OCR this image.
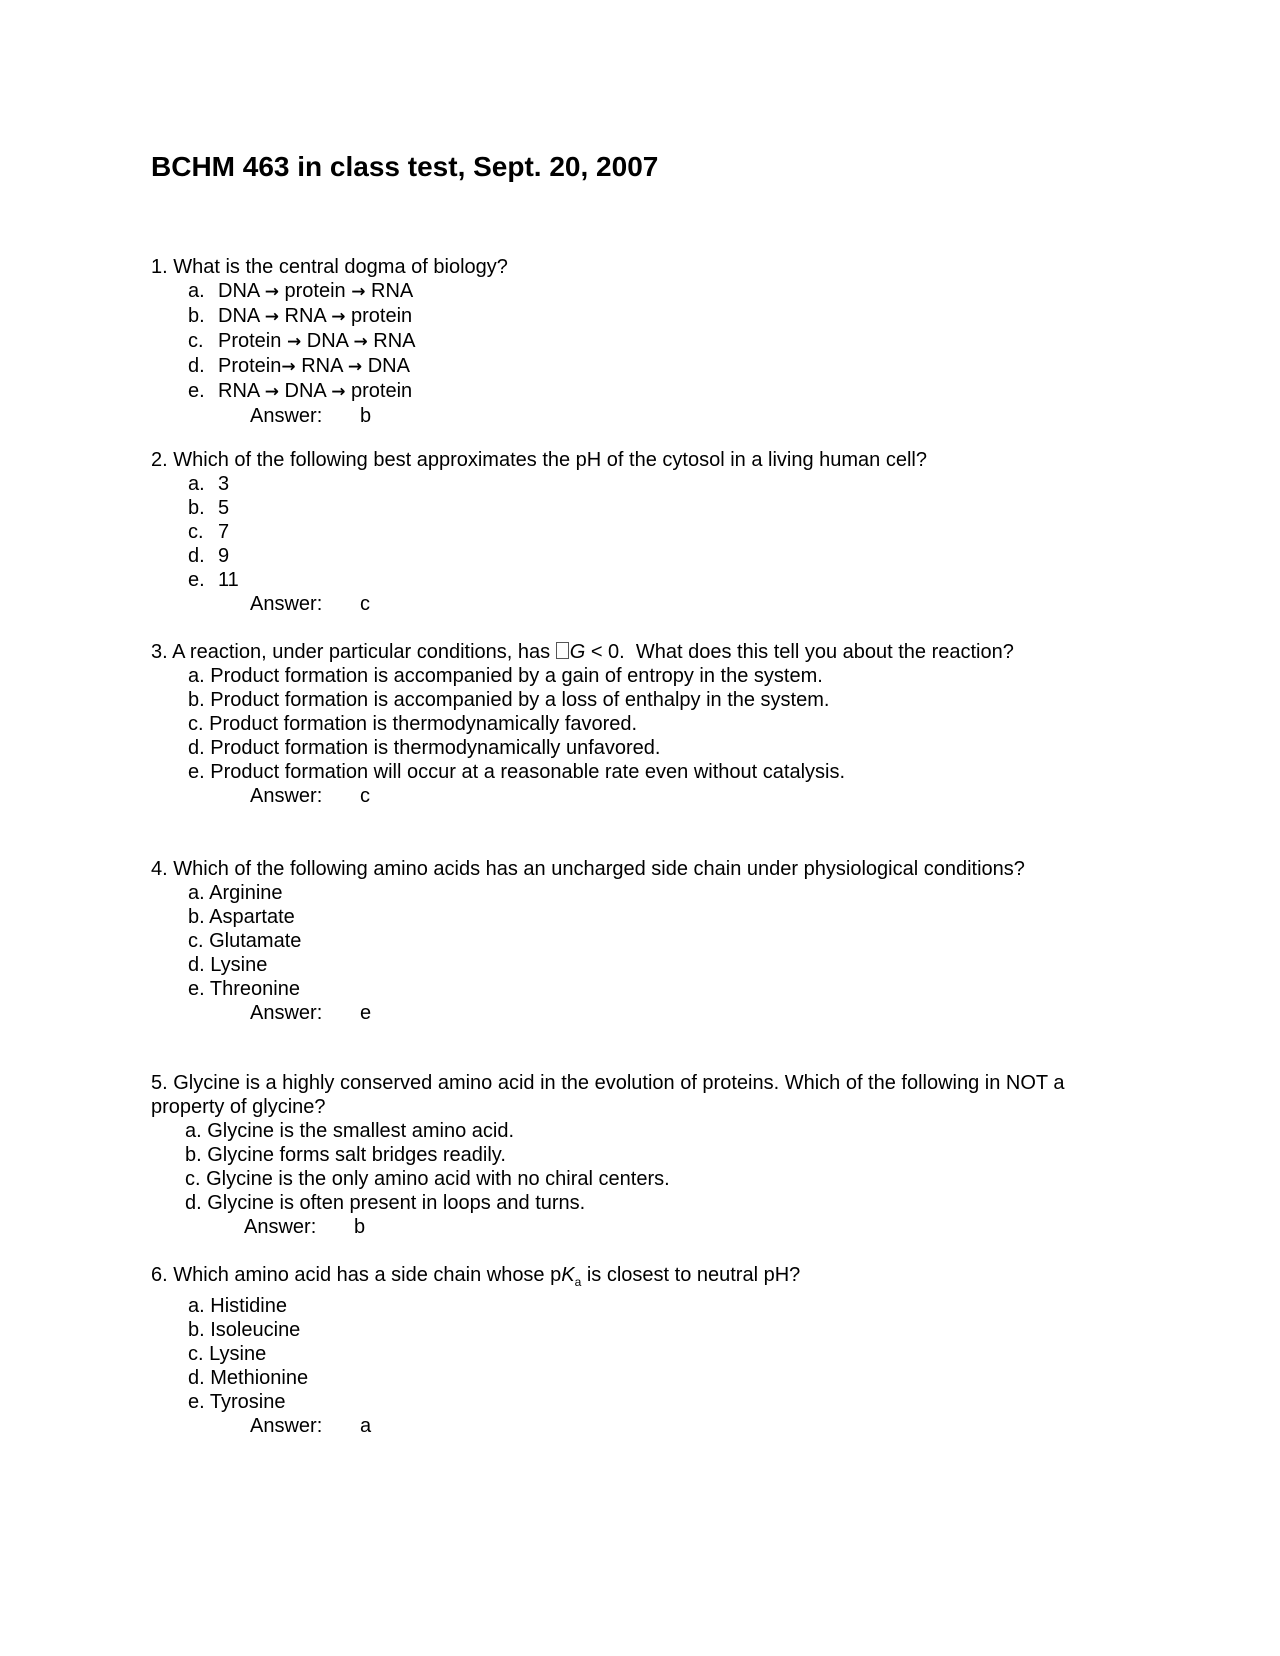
BCHM 463 in class test, Sept. 20, 2007
1. What is the central dogma of biology?
a. DNA → protein → RNA
b. DNA → RNA → protein
c. Protein → DNA → RNA
d. Protein→ RNA → DNA
e. RNA → DNA → protein
Answer: b
2. Which of the following best approximates the pH of the cytosol in a living human cell?
a. 3
b. 5
c. 7
d. 9
e. 11
Answer: c
3. A reaction, under particular conditions, has G < 0.  What does this tell you about the reaction?
a. Product formation is accompanied by a gain of entropy in the system.
b. Product formation is accompanied by a loss of enthalpy in the system.
c. Product formation is thermodynamically favored.
d. Product formation is thermodynamically unfavored.
e. Product formation will occur at a reasonable rate even without catalysis.
Answer: c
4. Which of the following amino acids has an uncharged side chain under physiological conditions?
a. Arginine
b. Aspartate
c. Glutamate
d. Lysine
e. Threonine
Answer: e
5. Glycine is a highly conserved amino acid in the evolution of proteins. Which of the following in NOT a property of glycine?
a. Glycine is the smallest amino acid.
b. Glycine forms salt bridges readily.
c. Glycine is the only amino acid with no chiral centers.
d. Glycine is often present in loops and turns.
Answer: b
6. Which amino acid has a side chain whose $pK_a$ is closest to neutral pH?
a. Histidine
b. Isoleucine
c. Lysine
d. Methionine
e. Tyrosine
Answer: a
